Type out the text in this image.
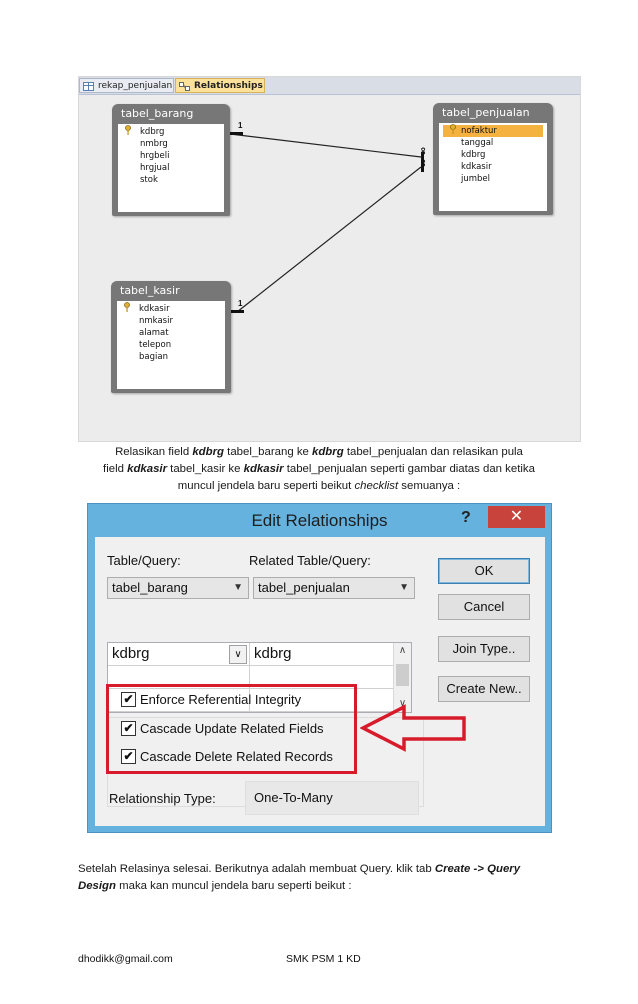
rekap_penjualan	Relationships
1
1
∞
∞
tabel_barang
kdbrg
nmbrg
hrgbeli
hrgjual
stok
tabel_penjualan
nofaktur
tanggal
kdbrg
kdkasir
jumbel
tabel_kasir
kdkasir
nmkasir
alamat
telepon
bagian
Relasikan field kdbrg tabel_barang ke kdbrg tabel_penjualan dan relasikan pula
field kdkasir tabel_kasir ke kdkasir tabel_penjualan seperti gambar diatas dan ketika
muncul jendela baru seperti beikut checklist semuanya :
Edit Relationships	?	✕
Table/Query:	Related Table/Query:
tabel_barang	▼	tabel_penjualan	▼
kdbrg	∨ kdbrg	∧
∨
✔ Enforce Referential Integrity
✔ Cascade Update Related Fields
✔ Cascade Delete Related Records
Relationship Type:	One-To-Many
OK
Cancel
Join Type..
Create New..
Setelah Relasinya selesai. Berikutnya adalah membuat Query. klik tab Create -> Query
Design maka kan muncul jendela baru seperti beikut :
dhodikk@gmail.com	SMK PSM 1 KD
